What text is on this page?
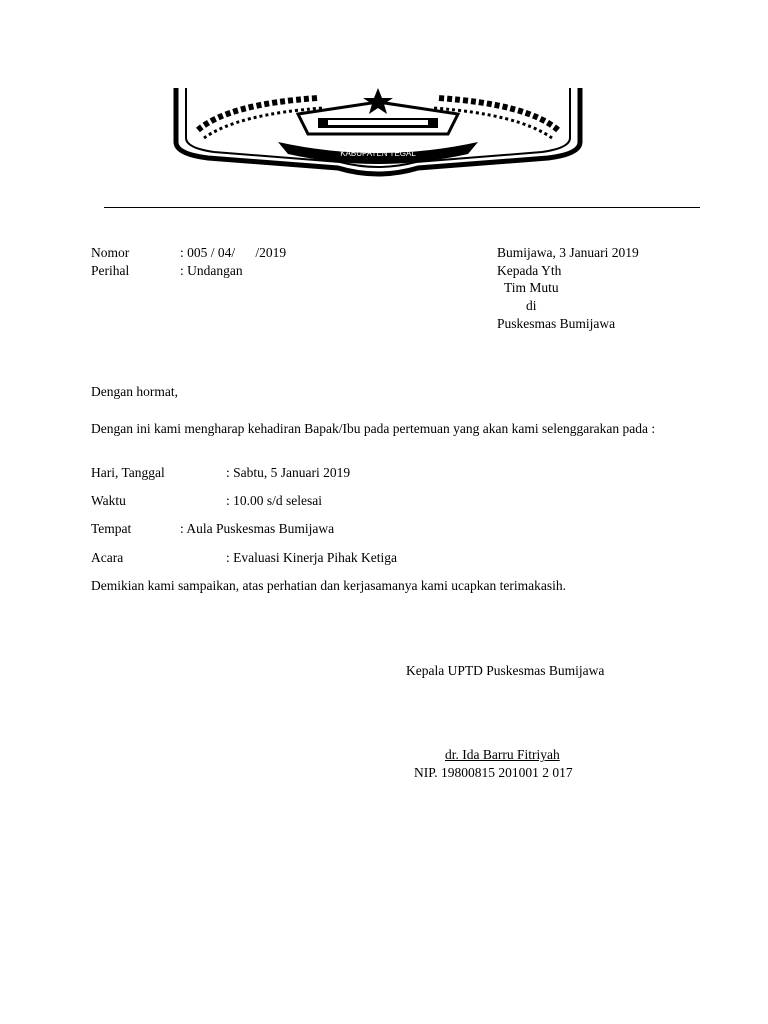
KABUPATEN TEGAL
Nomor	: 005 / 04/      /2019
Perihal	: Undangan
Bumijawa, 3 Januari 2019
Kepada Yth
Tim Mutu
di
Puskesmas Bumijawa
Dengan hormat,
Dengan ini kami mengharap kehadiran Bapak/Ibu pada pertemuan yang akan kami selenggarakan pada :
Hari, Tanggal	: Sabtu, 5 Januari 2019
Waktu	: 10.00 s/d selesai
Tempat	: Aula Puskesmas Bumijawa
Acara	: Evaluasi Kinerja Pihak Ketiga
Demikian kami sampaikan, atas perhatian dan kerjasamanya kami ucapkan terimakasih.
Kepala UPTD Puskesmas Bumijawa
dr. Ida Barru Fitriyah
NIP. 19800815 201001 2 017
